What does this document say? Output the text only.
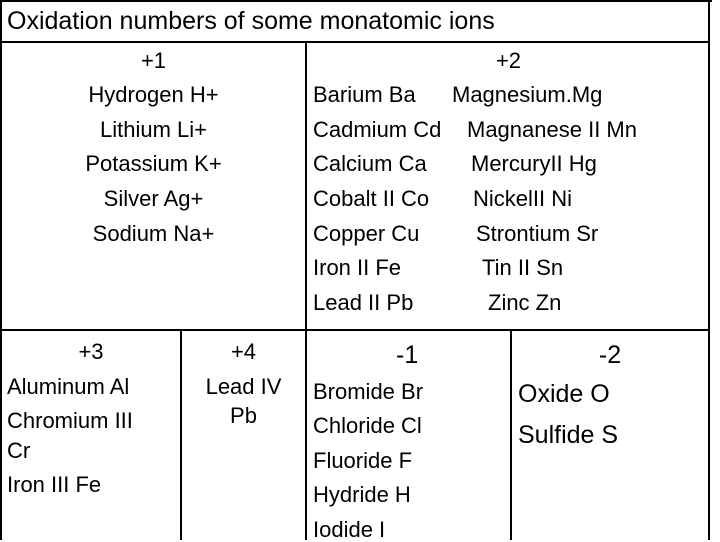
Oxidation numbers of some monatomic ions
+1
Hydrogen H+
Lithium Li+
Potassium K+
Silver Ag+
Sodium Na+
+2
Barium Ba
Cadmium Cd
Calcium Ca
Cobalt II Co
Copper Cu
Iron II Fe
Lead II Pb
Magnesium.Mg
Magnanese II Mn
MercuryII Hg
NickelII Ni
Strontium Sr
Tin II Sn
Zinc Zn
+3
Aluminum Al
Chromium III
Cr
Iron III Fe
+4
Lead IV
Pb
-1
Bromide Br
Chloride Cl
Fluoride F
Hydride H
Iodide I
-2
Oxide O
Sulfide S
